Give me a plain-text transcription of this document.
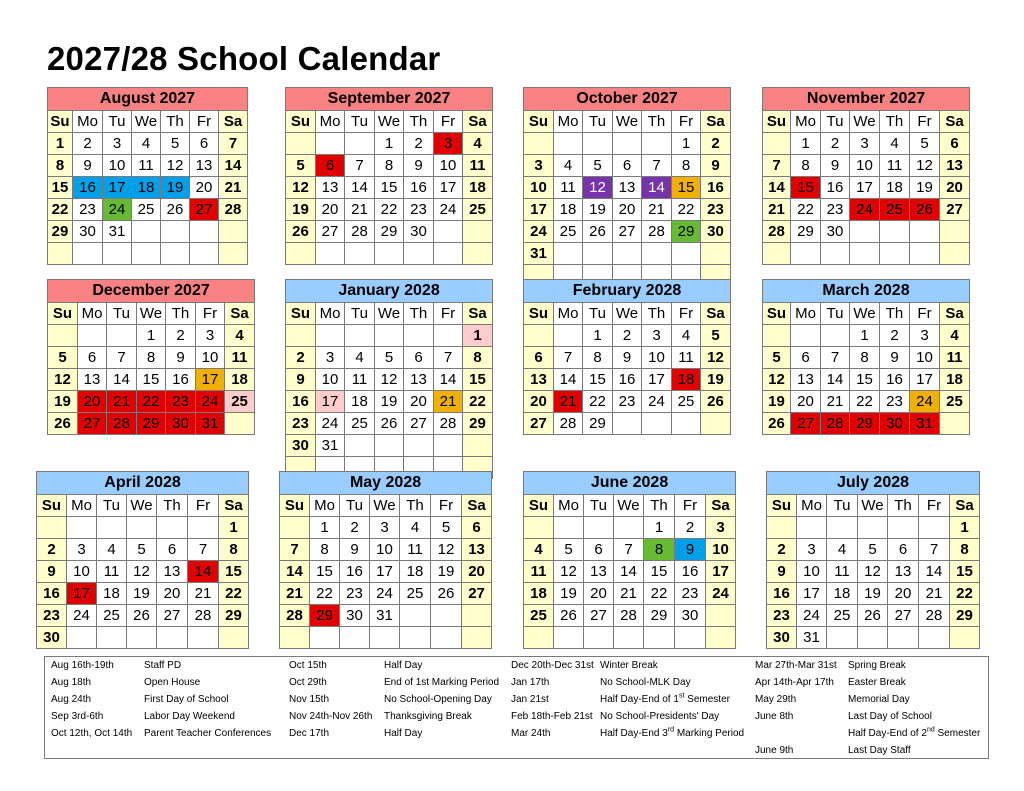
2027/28 School Calendar
August 2027						
Su	Mo	Tu	We	Th	Fr	Sa
1	2	3	4	5	6	7
8	9	10	11	12	13	14
15	16	17	18	19	20	21
22	23	24	25	26	27	28
29	30	31				

September 2027						
Su	Mo	Tu	We	Th	Fr	Sa
			1	2	3	4
5	6	7	8	9	10	11
12	13	14	15	16	17	18
19	20	21	22	23	24	25
26	27	28	29	30		

October 2027						
Su	Mo	Tu	We	Th	Fr	Sa
					1	2
3	4	5	6	7	8	9
10	11	12	13	14	15	16
17	18	19	20	21	22	23
24	25	26	27	28	29	30
31						

November 2027						
Su	Mo	Tu	We	Th	Fr	Sa
	1	2	3	4	5	6
7	8	9	10	11	12	13
14	15	16	17	18	19	20
21	22	23	24	25	26	27
28	29	30				

December 2027						
Su	Mo	Tu	We	Th	Fr	Sa
			1	2	3	4
5	6	7	8	9	10	11
12	13	14	15	16	17	18
19	20	21	22	23	24	25
26	27	28	29	30	31	
January 2028						
Su	Mo	Tu	We	Th	Fr	Sa
						1
2	3	4	5	6	7	8
9	10	11	12	13	14	15
16	17	18	19	20	21	22
23	24	25	26	27	28	29
30	31					

February 2028						
Su	Mo	Tu	We	Th	Fr	Sa
		1	2	3	4	5
6	7	8	9	10	11	12
13	14	15	16	17	18	19
20	21	22	23	24	25	26
27	28	29				
March 2028						
Su	Mo	Tu	We	Th	Fr	Sa
			1	2	3	4
5	6	7	8	9	10	11
12	13	14	15	16	17	18
19	20	21	22	23	24	25
26	27	28	29	30	31	
April 2028						
Su	Mo	Tu	We	Th	Fr	Sa
						1
2	3	4	5	6	7	8
9	10	11	12	13	14	15
16	17	18	19	20	21	22
23	24	25	26	27	28	29
30						
May 2028						
Su	Mo	Tu	We	Th	Fr	Sa
	1	2	3	4	5	6
7	8	9	10	11	12	13
14	15	16	17	18	19	20
21	22	23	24	25	26	27
28	29	30	31			

June 2028						
Su	Mo	Tu	We	Th	Fr	Sa
				1	2	3
4	5	6	7	8	9	10
11	12	13	14	15	16	17
18	19	20	21	22	23	24
25	26	27	28	29	30	

July 2028						
Su	Mo	Tu	We	Th	Fr	Sa
						1
2	3	4	5	6	7	8
9	10	11	12	13	14	15
16	17	18	19	20	21	22
23	24	25	26	27	28	29
30	31					
Aug 16th-19th	Staff PD
Aug 18th	Open House
Aug 24th	First Day of School
Sep 3rd-6th	Labor Day Weekend
Oct 12th, Oct 14th Parent Teacher Conferences
Oct 15th	Half Day
Oct 29th	End of 1st Marking Period
Nov 15th	No School-Opening Day
Nov 24th-Nov 26th Thanksgiving Break
Dec 17th	Half Day
Dec 20th-Dec 31st Winter Break
Jan 17th	No School-MLK Day
Jan 21st	Half Day-End of 1st Semester
Feb 18th-Feb 21st No School-Presidents' Day
Mar 24th	Half Day-End 3rd Marking Period
Mar 27th-Mar 31st Spring Break
Apr 14th-Apr 17th Easter Break
May 29th	Memorial Day
June 8th	Last Day of School
Half Day-End of 2nd Semester
June 9th	Last Day Staff
